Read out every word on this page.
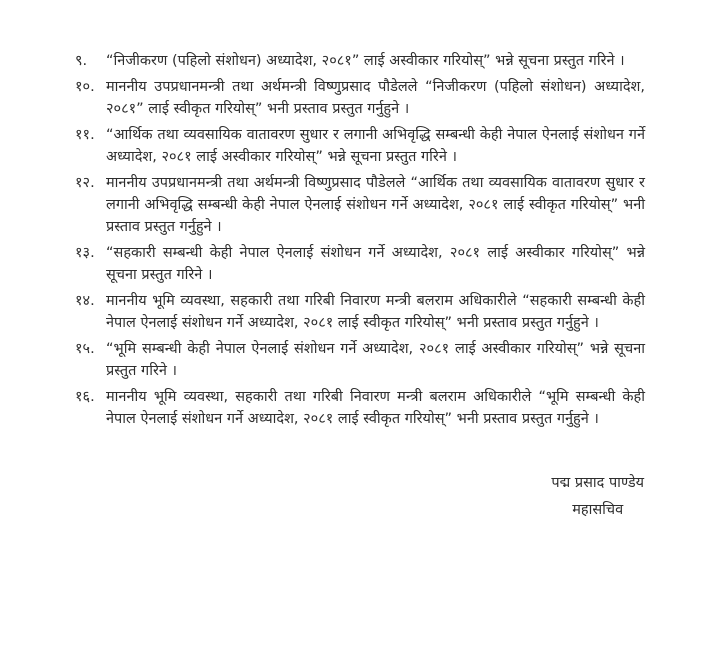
९.	“निजीकरण (पहिलो संशोधन) अध्यादेश, २०८१” लाई अस्वीकार गरियोस्” भन्ने सूचना प्रस्तुत गरिने ।
१०. माननीय उपप्रधानमन्त्री तथा अर्थमन्त्री विष्णुप्रसाद पौडेलले “निजीकरण (पहिलो संशोधन) अध्यादेश, २०८१” लाई स्वीकृत गरियोस्” भनी प्रस्ताव प्रस्तुत गर्नुहुने ।
११. “आर्थिक तथा व्यवसायिक वातावरण सुधार र लगानी अभिवृद्धि सम्बन्धी केही नेपाल ऐनलाई संशोधन गर्ने अध्यादेश, २०८१ लाई अस्वीकार गरियोस्” भन्ने सूचना प्रस्तुत गरिने ।
१२. माननीय उपप्रधानमन्त्री तथा अर्थमन्त्री विष्णुप्रसाद पौडेलले “आर्थिक तथा व्यवसायिक वातावरण सुधार र लगानी अभिवृद्धि सम्बन्धी केही नेपाल ऐनलाई संशोधन गर्ने अध्यादेश, २०८१ लाई स्वीकृत गरियोस्” भनी प्रस्ताव प्रस्तुत गर्नुहुने ।
१३. “सहकारी सम्बन्धी केही नेपाल ऐनलाई संशोधन गर्ने अध्यादेश, २०८१ लाई अस्वीकार गरियोस्” भन्ने सूचना प्रस्तुत गरिने ।
१४. माननीय भूमि व्यवस्था, सहकारी तथा गरिबी निवारण मन्त्री बलराम अधिकारीले “सहकारी सम्बन्धी केही नेपाल ऐनलाई संशोधन गर्ने अध्यादेश, २०८१ लाई स्वीकृत गरियोस्” भनी प्रस्ताव प्रस्तुत गर्नुहुने ।
१५. “भूमि सम्बन्धी केही नेपाल ऐनलाई संशोधन गर्ने अध्यादेश, २०८१ लाई अस्वीकार गरियोस्” भन्ने सूचना प्रस्तुत गरिने ।
१६. माननीय भूमि व्यवस्था, सहकारी तथा गरिबी निवारण मन्त्री बलराम अधिकारीले “भूमि सम्बन्धी केही नेपाल ऐनलाई संशोधन गर्ने अध्यादेश, २०८१ लाई स्वीकृत गरियोस्” भनी प्रस्ताव प्रस्तुत गर्नुहुने ।
पद्म प्रसाद पाण्डेय
महासचिव
